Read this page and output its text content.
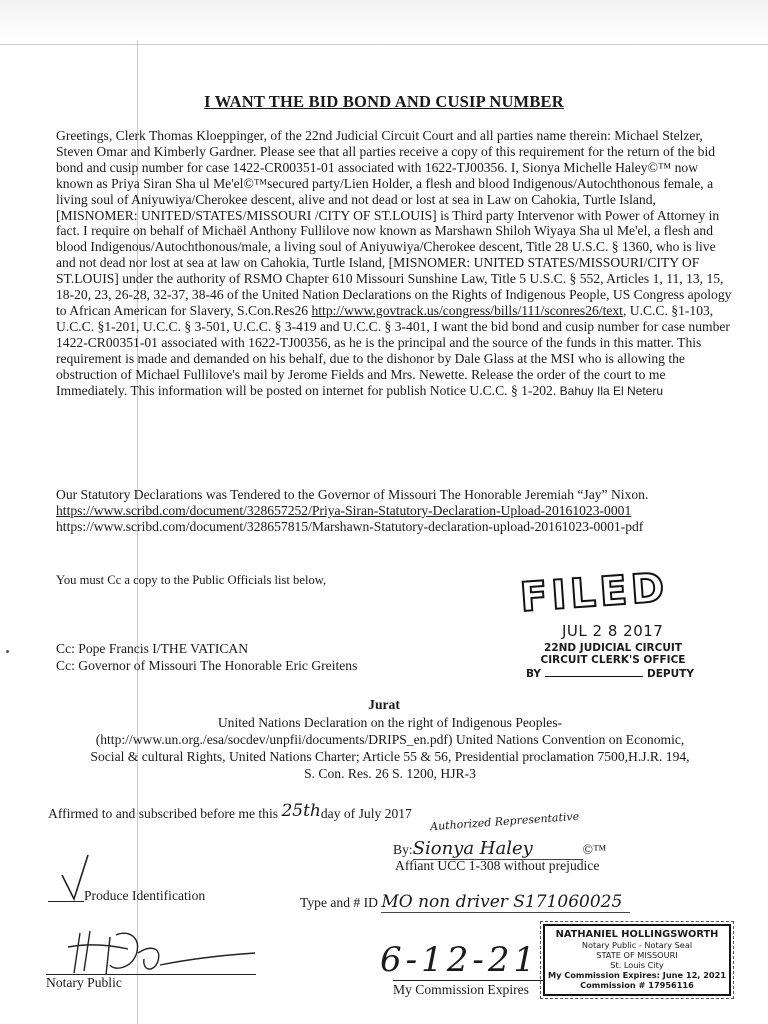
I WANT THE BID BOND AND CUSIP NUMBER

Greetings, Clerk Thomas Kloeppinger, of the 22nd Judicial Circuit Court and all parties name therein: Michael Stelzer, Steven Omar and Kimberly Gardner. Please see that all parties receive a copy of this requirement for the return of the bid bond and cusip number for case 1422-CR00351-01 associated with 1622-TJ00356. I, Sionya Michelle Haley©™ now known as Priya Siran Sha ul Me'el©™secured party/Lien Holder, a flesh and blood Indigenous/Autochthonous female, a living soul of Aniyuwiya/Cherokee descent, alive and not dead or lost at sea in Law on Cahokia, Turtle Island, [MISNOMER: UNITED/STATES/MISSOURI /CITY OF ST.LOUIS] is Third party Intervenor with Power of Attorney in fact. I require on behalf of Michaël Anthony Fullilove now known as Marshawn Shiloh Wiyaya Sha ul Me'el, a flesh and blood Indigenous/Autochthonous/male, a living soul of Aniyuwiya/Cherokee descent, Title 28 U.S.C. § 1360, who is live and not dead nor lost at sea at law on Cahokia, Turtle Island, [MISNOMER: UNITED STATES/MISSOURI/CITY OF ST.LOUIS] under the authority of RSMO Chapter 610 Missouri Sunshine Law, Title 5 U.S.C. § 552, Articles 1, 11, 13, 15, 18-20, 23, 26-28, 32-37, 38-46 of the United Nation Declarations on the Rights of Indigenous People, US Congress apology to African American for Slavery, S.Con.Res26 http://www.govtrack.us/congress/bills/111/sconres26/text, U.C.C. §1-103, U.C.C. §1-201, U.C.C. § 3-501, U.C.C. § 3-419 and U.C.C. § 3-401, I want the bid bond and cusip number for case number 1422-CR00351-01 associated with 1622-TJ00356, as he is the principal and the source of the funds in this matter. This requirement is made and demanded on his behalf, due to the dishonor by Dale Glass at the MSI who is allowing the obstruction of Michael Fullilove's mail by Jerome Fields and Mrs. Newette. Release the order of the court to me Immediately. This information will be posted on internet for publish Notice U.C.C. § 1-202. Bahuy Ila El Neteru

Our Statutory Declarations was Tendered to the Governor of Missouri The Honorable Jeremiah “Jay” Nixon.
https://www.scribd.com/document/328657252/Priya-Siran-Statutory-Declaration-Upload-20161023-0001
https://www.scribd.com/document/328657815/Marshawn-Statutory-declaration-upload-20161023-0001-pdf
You must Cc a copy to the Public Officials list below,
Cc: Pope Francis I/THE VATICAN
Cc: Governor of Missouri The Honorable Eric Greitens
FILED
JUL 2 8 2017
22ND JUDICIAL CIRCUIT
CIRCUIT CLERK'S OFFICE
BY	DEPUTY
Jurat
United Nations Declaration on the right of Indigenous Peoples-
(http://www.un.org./esa/socdev/unpfii/documents/DRIPS_en.pdf) United Nations Convention on Economic,
Social & cultural Rights, United Nations Charter; Article 55 & 56, Presidential proclamation 7500,H.J.R. 194,
S. Con. Res. 26 S. 1200, HJR-3
Affirmed to and subscribed before me this 25thday of July 2017 Authorized Representative
By:Sionya Haley	©™
Affiant UCC 1-308 without prejudice
Produce Identification	Type and # ID MO non driver S171060025
Notary Public
6-12-21
My Commission Expires
NATHANIEL HOLLINGSWORTH
Notary Public - Notary Seal
STATE OF MISSOURI
St. Louis City
My Commission Expires: June 12, 2021
Commission # 17956116
